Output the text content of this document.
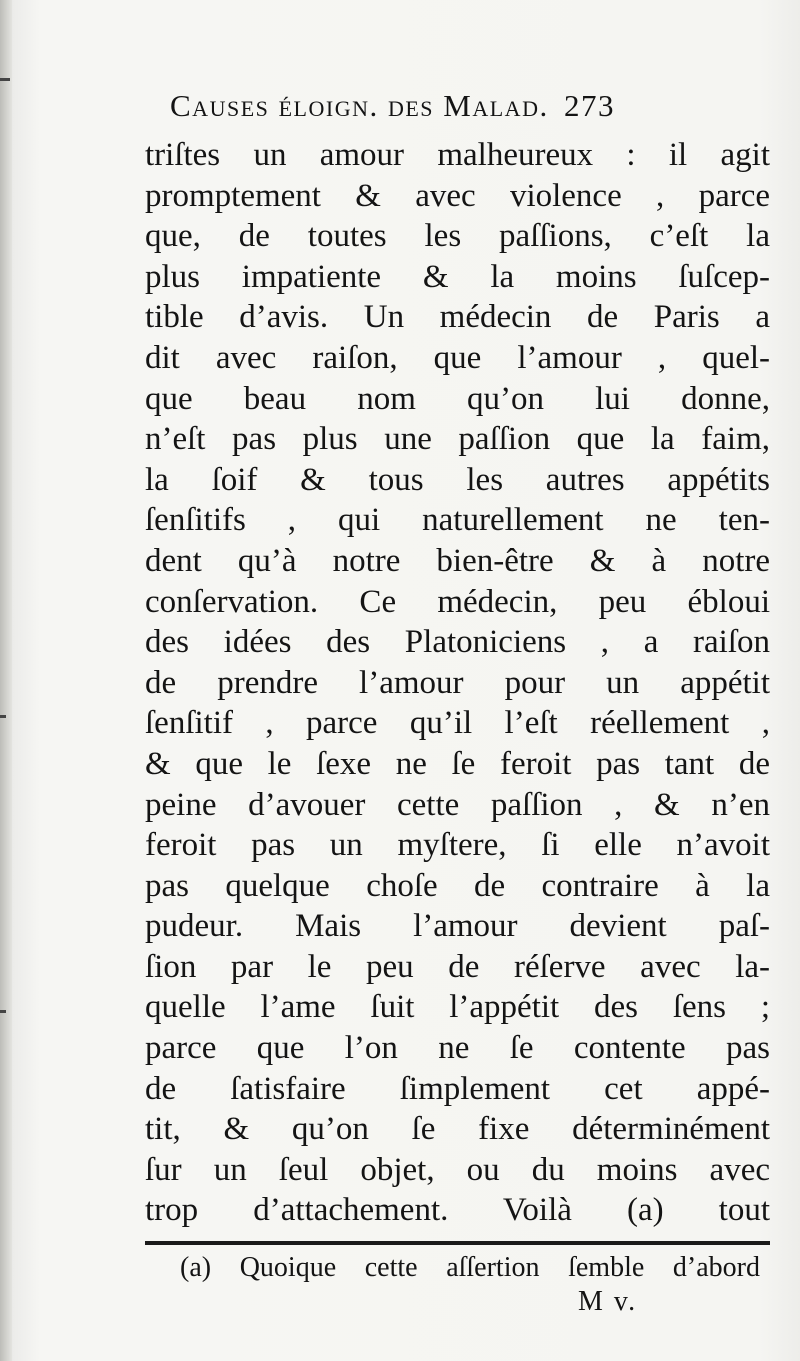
Causes éloign. des Malad. 273
triſtes un amour malheureux : il agit
promptement & avec violence , parce
que, de toutes les paſſions, c’eſt la
plus impatiente & la moins ſuſcep-
tible d’avis. Un médecin de Paris a
dit avec raiſon, que l’amour , quel-
que beau nom qu’on lui donne,
n’eſt pas plus une paſſion que la faim,
la ſoif & tous les autres appétits
ſenſitifs , qui naturellement ne ten-
dent qu’à notre bien-être & à notre
conſervation. Ce médecin, peu ébloui
des idées des Platoniciens , a raiſon
de prendre l’amour pour un appétit
ſenſitif , parce qu’il l’eſt réellement ,
& que le ſexe ne ſe feroit pas tant de
peine d’avouer cette paſſion , & n’en
feroit pas un myſtere, ſi elle n’avoit
pas quelque choſe de contraire à la
pudeur. Mais l’amour devient paſ-
ſion par le peu de réſerve avec la-
quelle l’ame ſuit l’appétit des ſens ;
parce que l’on ne ſe contente pas
de ſatisfaire ſimplement cet appé-
tit, & qu’on ſe fixe déterminément
ſur un ſeul objet, ou du moins avec
trop d’attachement. Voilà (a) tout
(a) Quoique cette aſſertion ſemble d’abord
M v.
